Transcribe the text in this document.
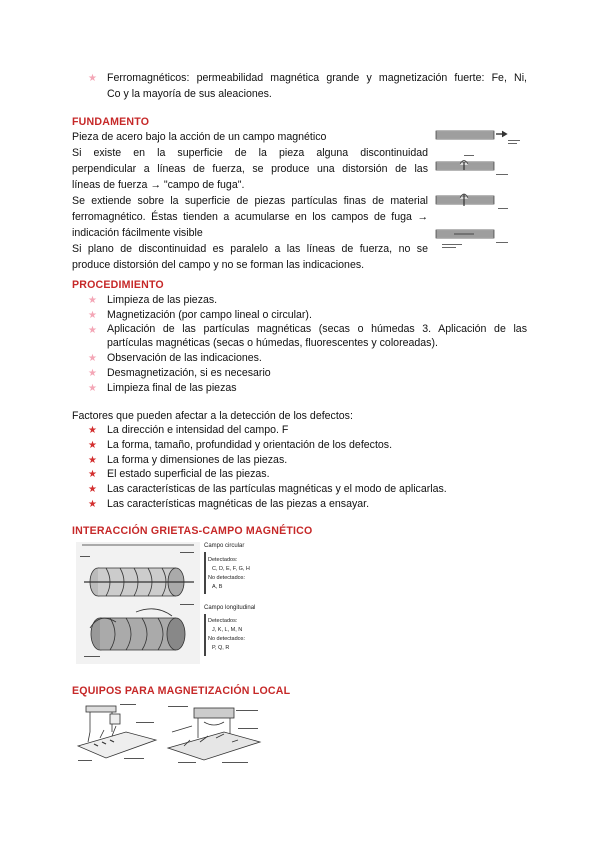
★ Ferromagnéticos: permeabilidad magnética grande y magnetización fuerte: Fe, Ni,
Co y la mayoría de sus aleaciones.
FUNDAMENTO
Pieza de acero bajo la acción de un campo magnético
Si existe en la superficie de la pieza alguna discontinuidad
perpendicular a líneas de fuerza, se produce una distorsión de las
líneas de fuerza → "campo de fuga".
Se extiende sobre la superficie de piezas partículas finas de material
ferromagnético. Éstas tienden a acumularse en los campos de fuga →
indicación fácilmente visible
Si plano de discontinuidad es paralelo a las líneas de fuerza, no se
produce distorsión del campo y no se forman las indicaciones.
PROCEDIMIENTO
★ Limpieza de las piezas.
★ Magnetización (por campo lineal o circular).
★ Aplicación de las partículas magnéticas (secas o húmedas 3. Aplicación de las
partículas magnéticas (secas o húmedas, fluorescentes y coloreadas).
★ Observación de las indicaciones.
★ Desmagnetización, si es necesario
★ Limpieza final de las piezas
Factores que pueden afectar a la detección de los defectos:
★ La dirección e intensidad del campo. F
★ La forma, tamaño, profundidad y orientación de los defectos.
★ La forma y dimensiones de las piezas.
★ El estado superficial de las piezas.
★ Las características de las partículas magnéticas y el modo de aplicarlas.
★ Las características magnéticas de las piezas a ensayar.
INTERACCIÓN GRIETAS-CAMPO MAGNÉTICO
Campo circular
Detectados:
C, D, E, F, G, H
No detectados:
A, B
Campo longitudinal
Detectados:
J, K, L, M, N
No detectados:
P, Q, R
EQUIPOS PARA MAGNETIZACIÓN LOCAL
